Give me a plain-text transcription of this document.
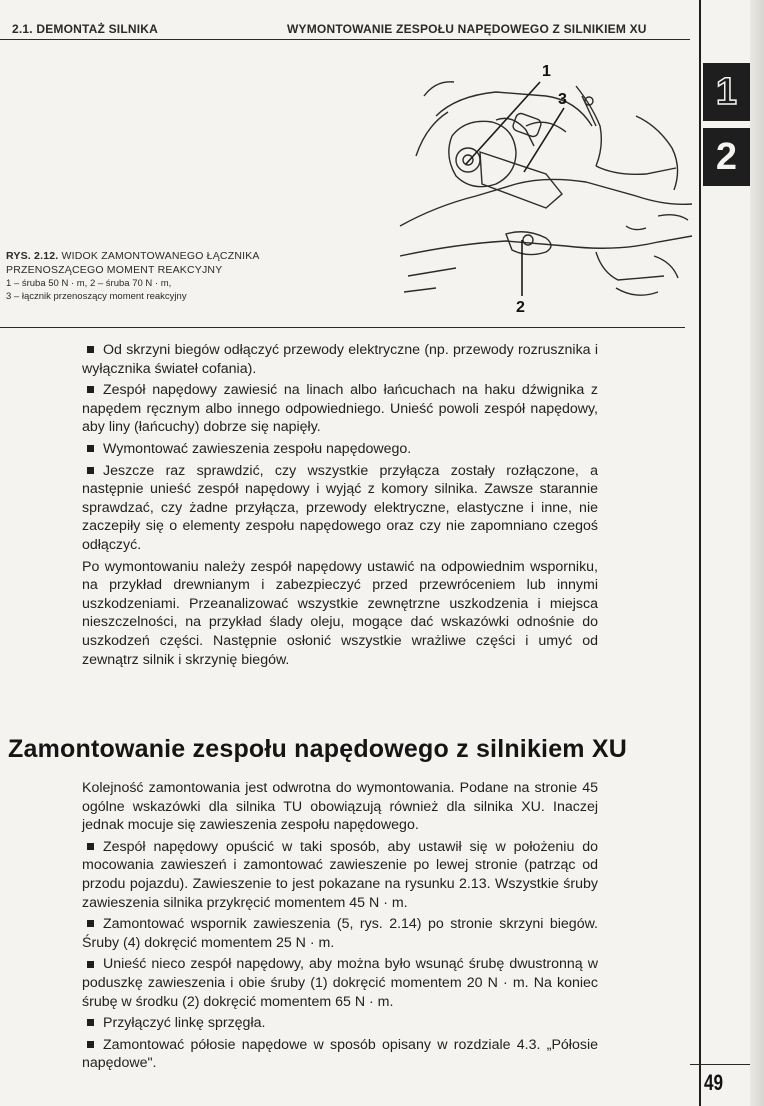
2.1. DEMONTAŻ SILNIKA	WYMONTOWANIE ZESPOŁU NAPĘDOWEGO Z SILNIKIEM XU
1
2
1
2
3
RYS. 2.12. WIDOK ZAMONTOWANEGO ŁĄCZNIKA
PRZENOSZĄCEGO MOMENT REAKCYJNY
1 – śruba 50 N · m, 2 – śruba 70 N · m,
3 – łącznik przenoszący moment reakcyjny

Od skrzyni biegów odłączyć przewody elektryczne (np. przewody rozrusznika i wyłącznika świateł cofania).

Zespół napędowy zawiesić na linach albo łańcuchach na haku dźwignika z napędem ręcznym albo innego odpowiedniego. Unieść powoli zespół napędowy, aby liny (łańcuchy) dobrze się napięły.

Wymontować zawieszenia zespołu napędowego.

Jeszcze raz sprawdzić, czy wszystkie przyłącza zostały rozłączone, a następnie unieść zespół napędowy i wyjąć z komory silnika. Zawsze starannie sprawdzać, czy żadne przyłącza, przewody elektryczne, elastyczne i inne, nie zaczepiły się o elementy zespołu napędowego oraz czy nie zapomniano czegoś odłączyć.

Po wymontowaniu należy zespół napędowy ustawić na odpowiednim wsporniku, na przykład drewnianym i zabezpieczyć przed przewróceniem lub innymi uszkodzeniami. Przeanalizować wszystkie zewnętrzne uszkodzenia i miejsca nieszczelności, na przykład ślady oleju, mogące dać wskazówki odnośnie do uszkodzeń części. Następnie osłonić wszystkie wrażliwe części i umyć od zewnątrz silnik i skrzynię biegów.

Zamontowanie zespołu napędowego z silnikiem XU

Kolejność zamontowania jest odwrotna do wymontowania. Podane na stronie 45 ogólne wskazówki dla silnika TU obowiązują również dla silnika XU. Inaczej jednak mocuje się zawieszenia zespołu napędowego.

Zespół napędowy opuścić w taki sposób, aby ustawił się w położeniu do mocowania zawieszeń i zamontować zawieszenie po lewej stronie (patrząc od przodu pojazdu). Zawieszenie to jest pokazane na rysunku 2.13. Wszystkie śruby zawieszenia silnika przykręcić momentem 45 N · m.

Zamontować wspornik zawieszenia (5, rys. 2.14) po stronie skrzyni biegów. Śruby (4) dokręcić momentem 25 N · m.

Unieść nieco zespół napędowy, aby można było wsunąć śrubę dwustronną w poduszkę zawieszenia i obie śruby (1) dokręcić momentem 20 N · m. Na koniec śrubę w środku (2) dokręcić momentem 65 N · m.

Przyłączyć linkę sprzęgła.

Zamontować półosie napędowe w sposób opisany w rozdziale 4.3. „Półosie napędowe".

49
